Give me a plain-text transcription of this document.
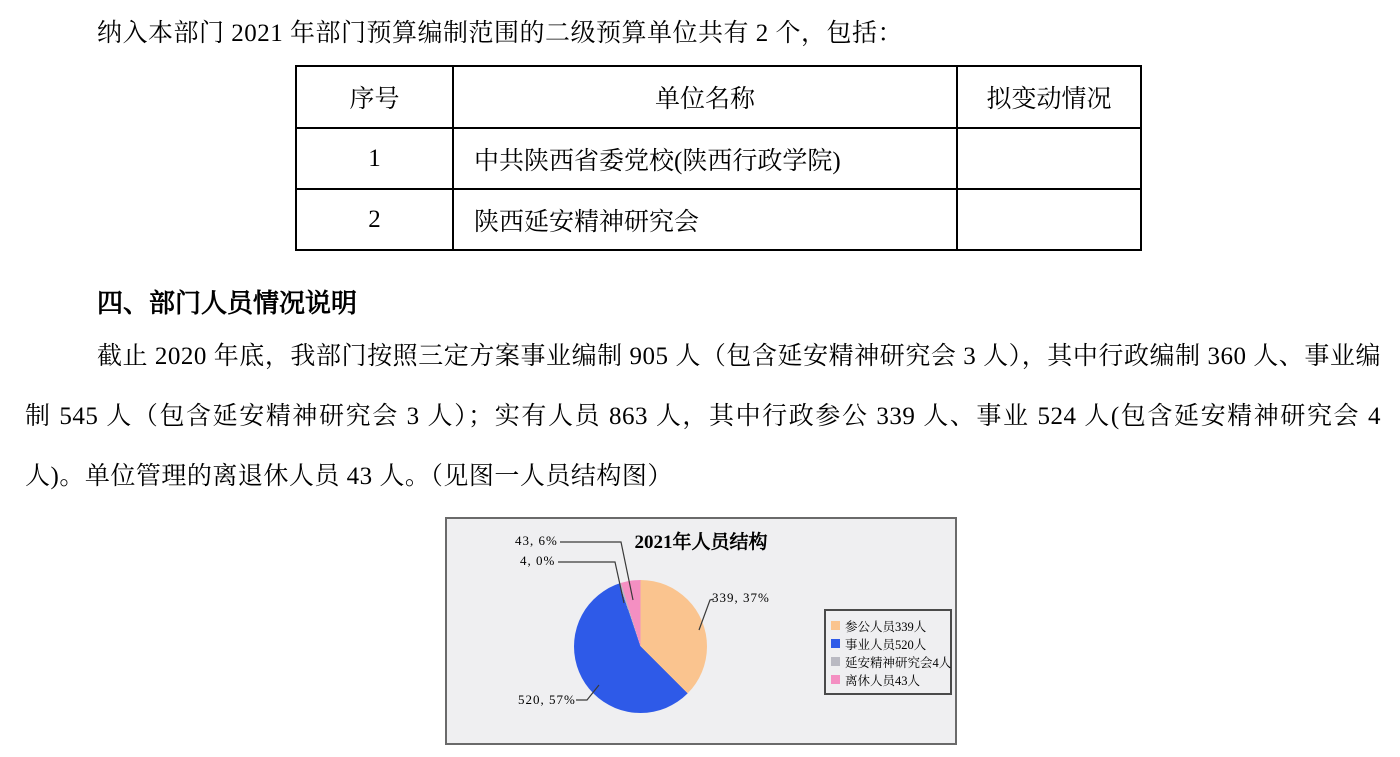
纳入本部门 2021 年部门预算编制范围的二级预算单位共有 2 个，包括：
序号	单位名称	拟变动情况
1	中共陕西省委党校(陕西行政学院)	
2	陕西延安精神研究会	
四、部门人员情况说明
截止 2020 年底，我部门按照三定方案事业编制 905 人（包含延安精神研究会 3 人），其中行政编制 360 人、事业编制 545 人（包含延安精神研究会 3 人）；实有人员 863 人，其中行政参公 339 人、事业 524 人(包含延安精神研究会 4 人)。单位管理的离退休人员 43 人。（见图一人员结构图）
2021年人员结构
43, 6%
4, 0%
339, 37%
520, 57%
参公人员339人
事业人员520人
延安精神研究会4人
离休人员43人
